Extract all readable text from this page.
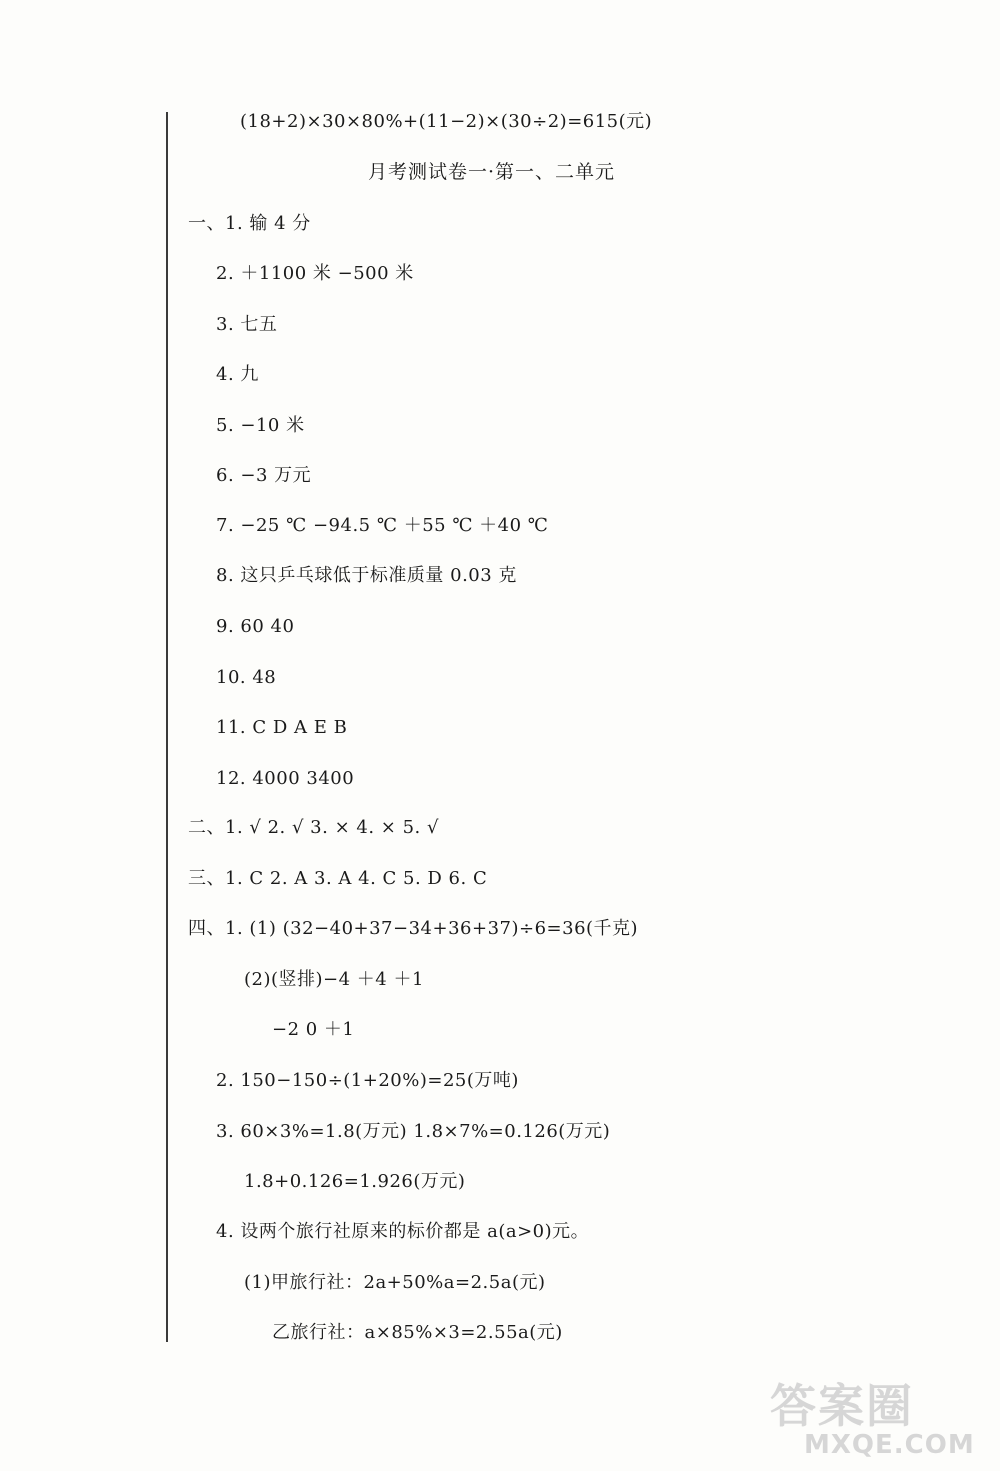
(18+2)×30×80%+(11−2)×(30÷2)=615(元)
月考测试卷一·第一、二单元
一、1. 输 4 分
2. ＋1100 米 −500 米
3. 七五
4. 九
5. −10 米
6. −3 万元
7. −25 ℃ −94.5 ℃ ＋55 ℃ ＋40 ℃
8. 这只乒乓球低于标准质量 0.03 克
9. 60 40
10. 48
11. C D A E B
12. 4000 3400
二、1. √ 2. √ 3. × 4. × 5. √
三、1. C 2. A 3. A 4. C 5. D 6. C
四、1. (1) (32−40+37−34+36+37)÷6=36(千克)
(2)(竖排)−4 ＋4 ＋1
−2 0 ＋1
2. 150−150÷(1+20%)=25(万吨)
3. 60×3%=1.8(万元) 1.8×7%=0.126(万元)
1.8+0.126=1.926(万元)
4. 设两个旅行社原来的标价都是 a(a>0)元。
(1)甲旅行社：2a+50%a=2.5a(元)
乙旅行社：a×85%×3=2.55a(元)
答案圈
MXQE.COM
